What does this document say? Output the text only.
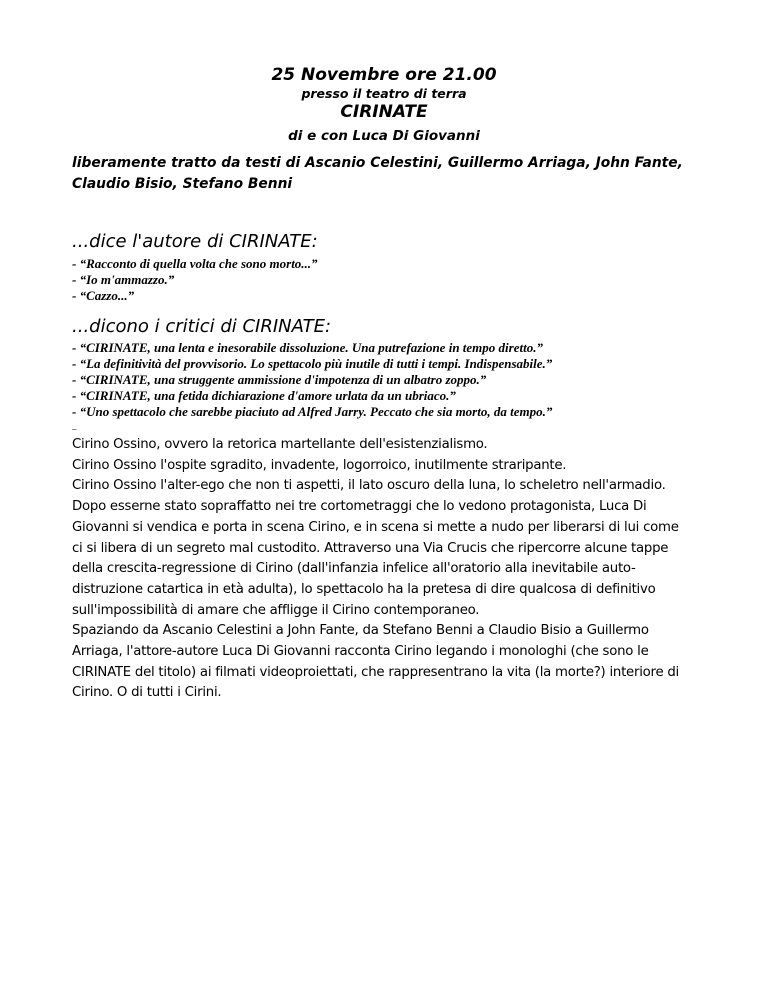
25 Novembre ore 21.00

presso il teatro di terra

CIRINATE

di e con Luca Di Giovanni

liberamente tratto da testi di Ascanio Celestini, Guillermo Arriaga, John Fante, Claudio Bisio, Stefano Benni

...dice l'autore di CIRINATE:
- “Racconto di quella volta che sono morto...”
- “Io m'ammazzo.”
- “Cazzo...”
...dicono i critici di CIRINATE:
- “CIRINATE, una lenta e inesorabile dissoluzione. Una putrefazione in tempo diretto.”
- “La definitività del provvisorio. Lo spettacolo più inutile di tutti i tempi. Indispensabile.”
- “CIRINATE, una struggente ammissione d'impotenza di un albatro zoppo.”
- “CIRINATE, una fetida dichiarazione d'amore urlata da un ubriaco.”
- “Uno spettacolo che sarebbe piaciuto ad Alfred Jarry. Peccato che sia morto, da tempo.”
–

Cirino Ossino, ovvero la retorica martellante dell'esistenzialismo.

Cirino Ossino l'ospite sgradito, invadente, logorroico, inutilmente straripante.

Cirino Ossino l'alter-ego che non ti aspetti, il lato oscuro della luna, lo scheletro nell'armadio.

Dopo esserne stato sopraffatto nei tre cortometraggi che lo vedono protagonista, Luca Di Giovanni si vendica e porta in scena Cirino, e in scena si mette a nudo per liberarsi di lui come ci si libera di un segreto mal custodito. Attraverso una Via Crucis che ripercorre alcune tappe della crescita-regressione di Cirino (dall'infanzia infelice all'oratorio alla inevitabile auto-distruzione catartica in età adulta), lo spettacolo ha la pretesa di dire qualcosa di definitivo sull'impossibilità di amare che affligge il Cirino contemporaneo.

Spaziando da Ascanio Celestini a John Fante, da Stefano Benni a Claudio Bisio a Guillermo Arriaga, l'attore-autore Luca Di Giovanni racconta Cirino legando i monologhi (che sono le CIRINATE del titolo) ai filmati videoproiettati, che rappresentrano la vita (la morte?) interiore di Cirino. O di tutti i Cirini.
